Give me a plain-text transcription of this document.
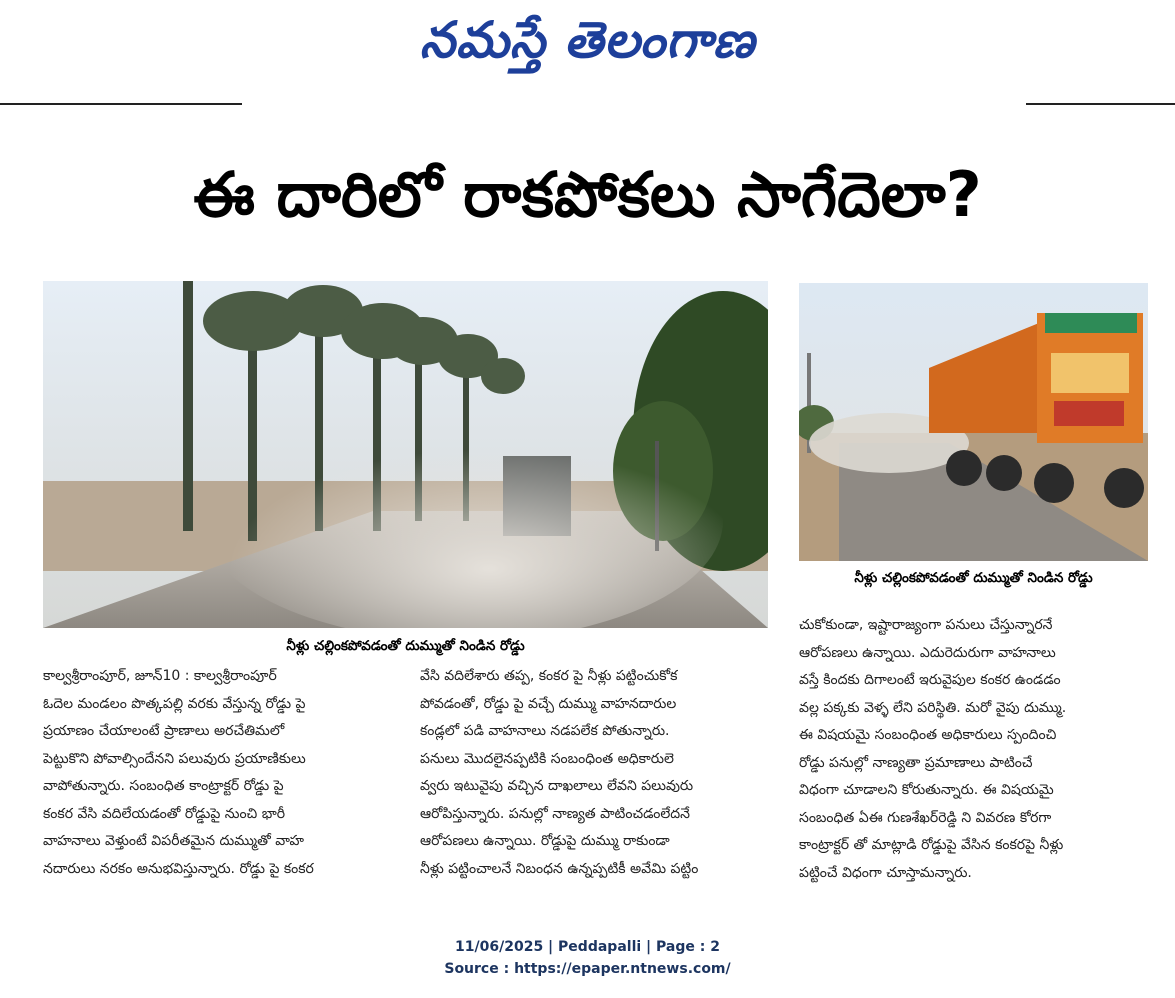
నమస్తే తెలంగాణ
ఈ దారిలో రాకపోకలు సాగేదెలా?
నీళ్లు చల్లింకపోవడంతో దుమ్ముతో నిండిన రోడ్డు
నీళ్లు చల్లింకపోవడంతో దుమ్ముతో నిండిన రోడ్డు

కాల్వశ్రీరాంపూర్, జూన్10 : కాల్వశ్రీరాంపూర్

ఓదెల మండలం పొత్కపల్లి వరకు వేస్తున్న రోడ్డు పై

ప్రయాణం చేయాలంటే ప్రాణాలు అరచేతిమలో

పెట్టుకొని పోవాల్సిందేనని పలువురు ప్రయాణికులు

వాపోతున్నారు. సంబంధిత కాంట్రాక్టర్ రోడ్డు పై

కంకర వేసి వదిలేయడంతో రోడ్డుపై నుంచి భారీ

వాహనాలు వెళ్తుంటే విపరీతమైన దుమ్ముతో వాహ

నదారులు నరకం అనుభవిస్తున్నారు. రోడ్డు పై కంకర

వేసి వదిలేశారు తప్ప, కంకర పై నీళ్లు పట్టించుకోక

పోవడంతో, రోడ్డు పై వచ్చే దుమ్ము వాహనదారుల

కండ్లలో పడి వాహనాలు నడపలేక పోతున్నారు.

పనులు మొదలైనప్పటికి సంబంధింత అధికారులె

వ్వరు ఇటువైపు వచ్చిన దాఖలాలు లేవని పలువురు

ఆరోపిస్తున్నారు. పనుల్లో నాణ్యత పాటించడంలేదనే

ఆరోపణలు ఉన్నాయి. రోడ్డుపై దుమ్ము రాకుండా

నీళ్లు పట్టించాలనే నిబంధన ఉన్నప్పటికీ అవేమి పట్టిం

చుకోకుండా, ఇష్టారాజ్యంగా పనులు చేస్తున్నారనే

ఆరోపణలు ఉన్నాయి. ఎదురెదురుగా వాహనాలు

వస్తే కిందకు దిగాలంటే ఇరువైపుల కంకర ఉండడం

వల్ల పక్కకు వెళ్ళ లేని పరిస్థితి. మరో వైపు దుమ్ము.

ఈ విషయమై సంబంధింత అధికారులు స్పందించి

రోడ్డు పనుల్లో నాణ్యతా ప్రమాణాలు పాటించే

విధంగా చూడాలని కోరుతున్నారు. ఈ విషయమై

సంబంధిత ఏఈ గుణశేఖర్‌రెడ్డి ని వివరణ కోరగా

కాంట్రాక్టర్ తో మాట్లాడి రోడ్డుపై వేసిన కంకరపై నీళ్లు

పట్టించే విధంగా చూస్తామన్నారు.

11/06/2025 | Peddapalli | Page : 2
Source : https://epaper.ntnews.com/
